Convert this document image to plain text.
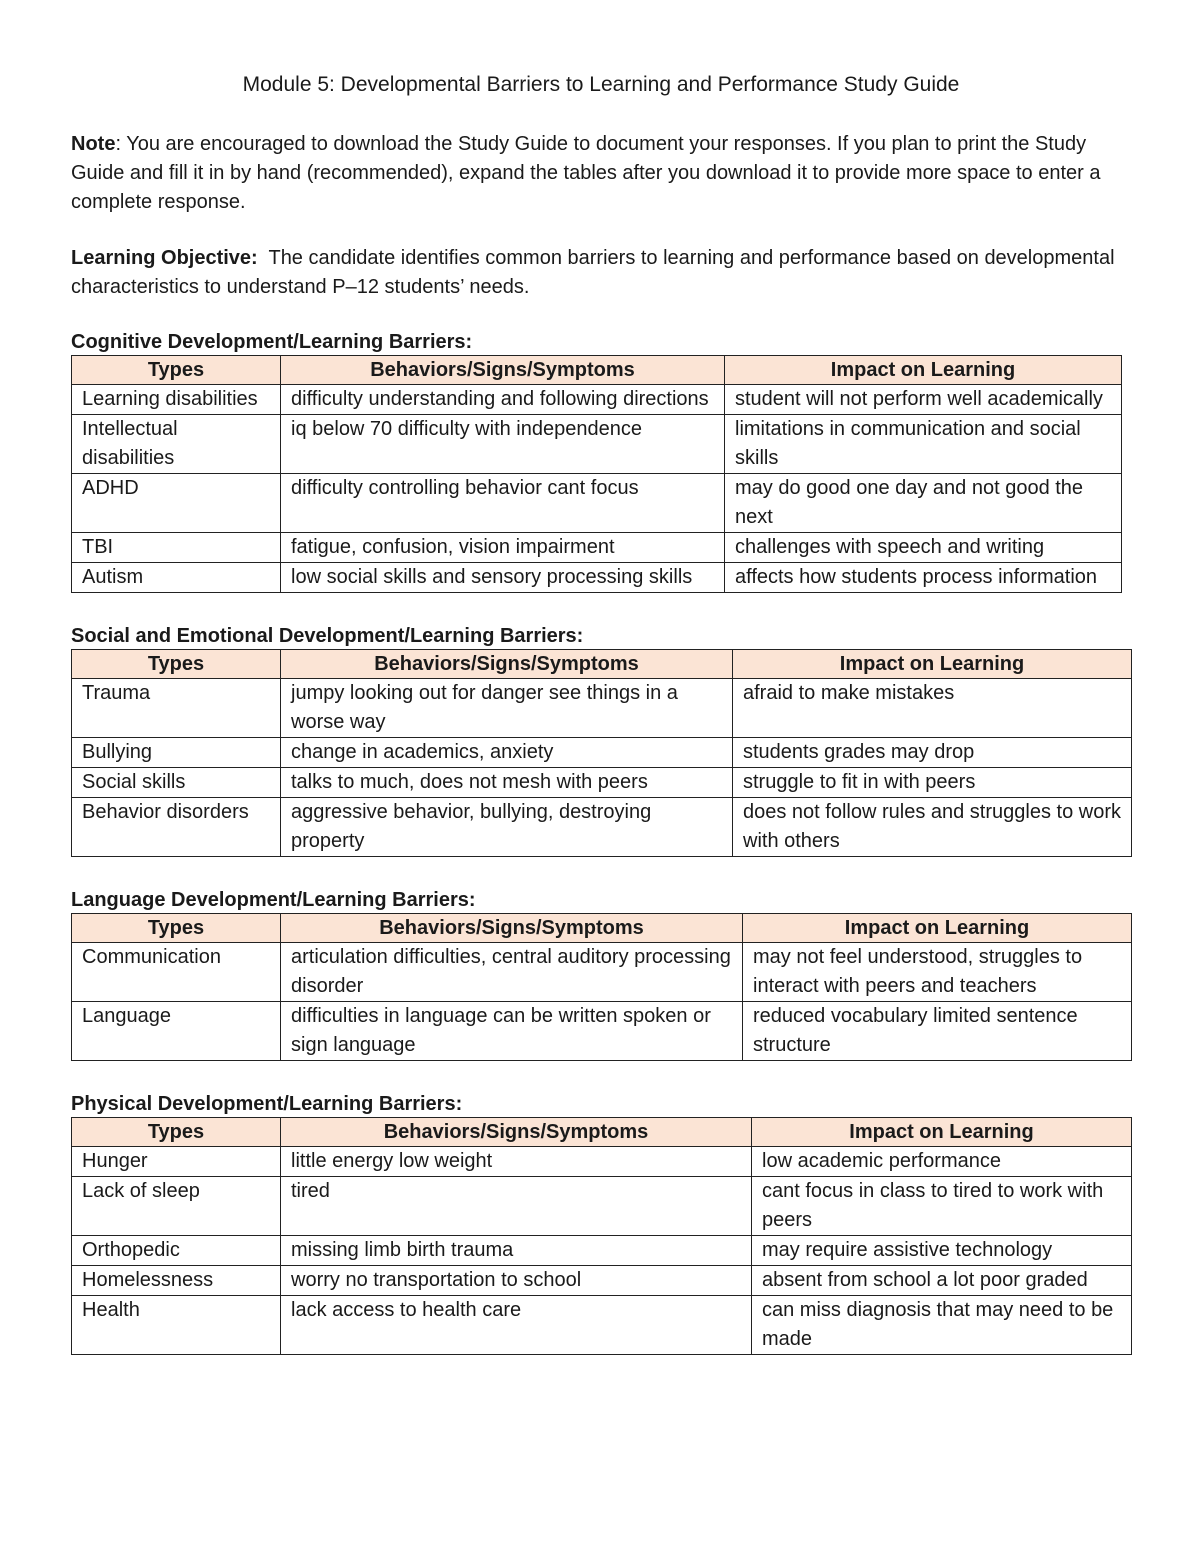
Module 5: Developmental Barriers to Learning and Performance Study Guide

Note: You are encouraged to download the Study Guide to document your responses. If you plan to print the Study Guide and fill it in by hand (recommended), expand the tables after you download it to provide more space to enter a complete response.

Learning Objective:  The candidate identifies common barriers to learning and performance based on developmental characteristics to understand P–12 students’ needs.

Cognitive Development/Learning Barriers:
Types	Behaviors/Signs/Symptoms	Impact on Learning
Learning disabilities	difficulty understanding and following directions	student will not perform well academically
Intellectual disabilities	iq below 70 difficulty with independence	limitations in communication and social skills
ADHD	difficulty controlling behavior cant focus	may do good one day and not good the next
TBI	fatigue, confusion, vision impairment	challenges with speech and writing
Autism	low social skills and sensory processing skills	affects how students process information
Social and Emotional Development/Learning Barriers:
Types	Behaviors/Signs/Symptoms	Impact on Learning
Trauma	jumpy looking out for danger see things in a worse way	afraid to make mistakes
Bullying	change in academics, anxiety	students grades may drop
Social skills	talks to much, does not mesh with peers	struggle to fit in with peers
Behavior disorders	aggressive behavior, bullying, destroying property	does not follow rules and struggles to work with others
Language Development/Learning Barriers:
Types	Behaviors/Signs/Symptoms	Impact on Learning
Communication	articulation difficulties, central auditory processing disorder	may not feel understood, struggles to interact with peers and teachers
Language	difficulties in language can be written spoken or sign language	reduced vocabulary limited sentence structure
Physical Development/Learning Barriers:
Types	Behaviors/Signs/Symptoms	Impact on Learning
Hunger	little energy low weight	low academic performance
Lack of sleep	tired	cant focus in class to tired to work with peers
Orthopedic	missing limb birth trauma	may require assistive technology
Homelessness	worry no transportation to school	absent from school a lot poor graded
Health	lack access to health care	can miss diagnosis that may need to be made
